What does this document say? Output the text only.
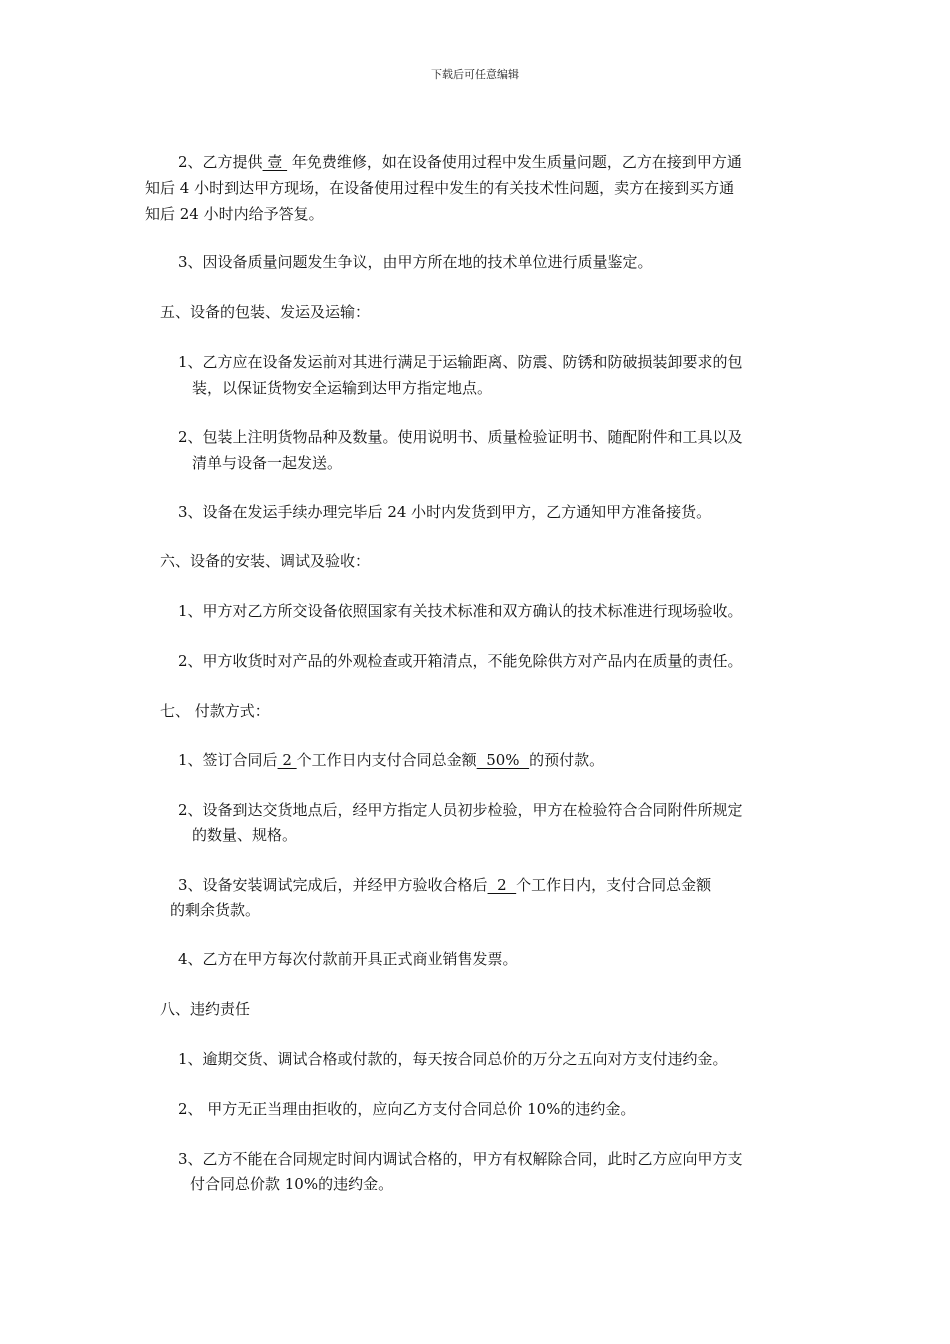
下载后可任意编辑
2、乙方提供 壹  年免费维修，如在设备使用过程中发生质量问题，乙方在接到甲方通
知后 4 小时到达甲方现场，在设备使用过程中发生的有关技术性问题，卖方在接到买方通
知后 24 小时内给予答复。
3、因设备质量问题发生争议，由甲方所在地的技术单位进行质量鉴定。
五、设备的包装、发运及运输：
1、乙方应在设备发运前对其进行满足于运输距离、防震、防锈和防破损装卸要求的包
装，以保证货物安全运输到达甲方指定地点。
2、包装上注明货物品种及数量。使用说明书、质量检验证明书、随配附件和工具以及
清单与设备一起发送。
3、设备在发运手续办理完毕后 24 小时内发货到甲方，乙方通知甲方准备接货。
六、设备的安装、调试及验收：
1、甲方对乙方所交设备依照国家有关技术标准和双方确认的技术标准进行现场验收。
2、甲方收货时对产品的外观检查或开箱清点，不能免除供方对产品内在质量的责任。
七、 付款方式：
1、签订合同后 2 个工作日内支付合同总金额  50%  的预付款。
2、设备到达交货地点后，经甲方指定人员初步检验，甲方在检验符合合同附件所规定
的数量、规格。
3、设备安装调试完成后，并经甲方验收合格后  2  个工作日内，支付合同总金额
的剩余货款。
4、乙方在甲方每次付款前开具正式商业销售发票。
八、违约责任
1、逾期交货、调试合格或付款的，每天按合同总价的万分之五向对方支付违约金。
2、 甲方无正当理由拒收的，应向乙方支付合同总价 10%的违约金。
3、乙方不能在合同规定时间内调试合格的，甲方有权解除合同，此时乙方应向甲方支
付合同总价款 10%的违约金。
